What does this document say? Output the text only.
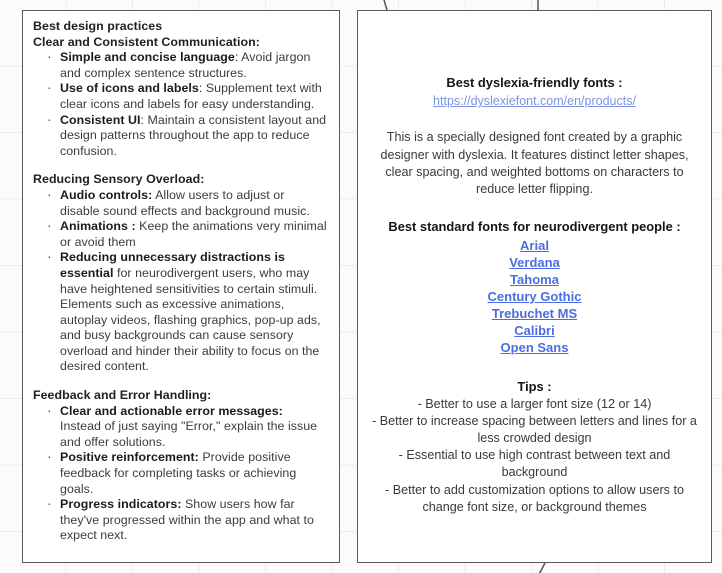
Best design practices
Clear and Consistent Communication:
· Simple and concise language: Avoid jargon and complex sentence structures.
· Use of icons and labels: Supplement text with clear icons and labels for easy understanding.
· Consistent UI: Maintain a consistent layout and design patterns throughout the app to reduce confusion.
Reducing Sensory Overload:
· Audio controls: Allow users to adjust or disable sound effects and background music.
· Animations : Keep the animations very minimal or avoid them
· Reducing unnecessary distractions is essential for neurodivergent users, who may have heightened sensitivities to certain stimuli. Elements such as excessive animations, autoplay videos, flashing graphics, pop-up ads, and busy backgrounds can cause sensory overload and hinder their ability to focus on the desired content.
Feedback and Error Handling:
· Clear and actionable error messages: Instead of just saying "Error," explain the issue and offer solutions.
· Positive reinforcement: Provide positive feedback for completing tasks or achieving goals.
· Progress indicators: Show users how far they've progressed within the app and what to expect next.
Best dyslexia-friendly fonts :
https://dyslexiefont.com/en/products/
This is a specially designed font created by a graphic designer with dyslexia. It features distinct letter shapes, clear spacing, and weighted bottoms on characters to reduce letter flipping.
Best standard fonts for neurodivergent people :
Arial
Verdana
Tahoma
Century Gothic
Trebuchet MS
Calibri
Open Sans
Tips :
- Better to use a larger font size (12 or 14)
- Better to increase spacing between letters and lines for a less crowded design
- Essential to use high contrast between text and background
- Better to add customization options to allow users to change font size, or background themes
